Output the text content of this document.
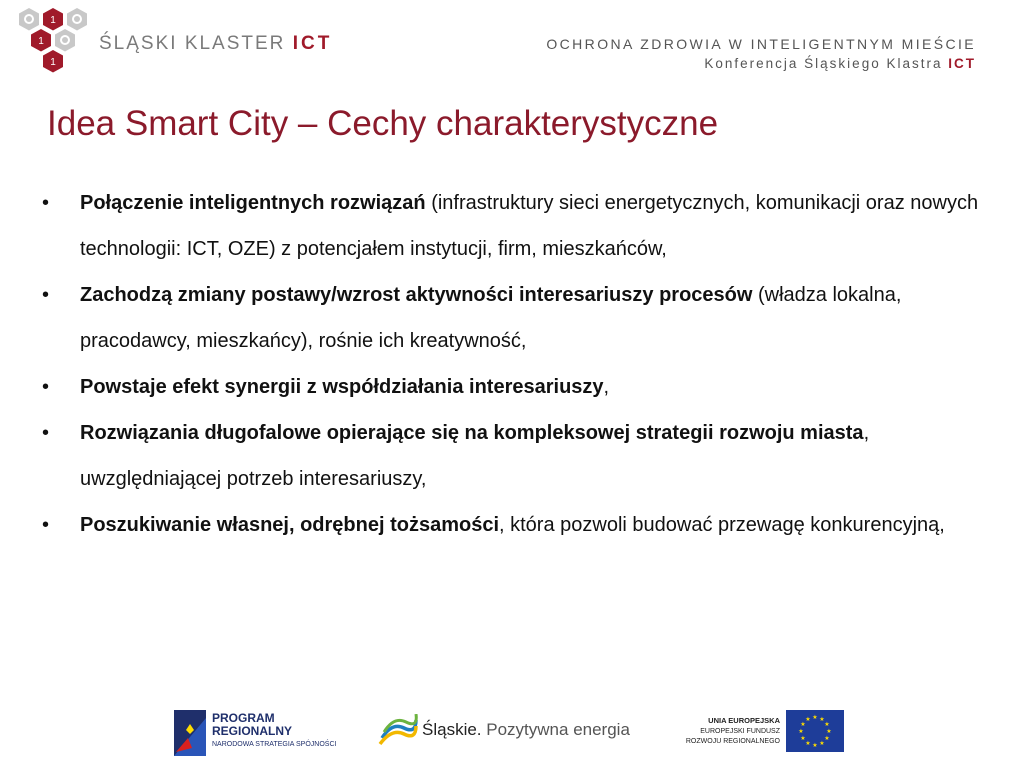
1
1
1
ŚLĄSKI KLASTER ICT	OCHRONA ZDROWIA W INTELIGENTNYM MIEŚCIE
Konferencja Śląskiego Klastra ICT
Idea Smart City – Cechy charakterystyczne
• Połączenie inteligentnych rozwiązań (infrastruktury sieci energetycznych, komunikacji oraz nowych technologii: ICT, OZE) z potencjałem instytucji, firm, mieszkańców,
• Zachodzą zmiany postawy/wzrost aktywności interesariuszy procesów (władza lokalna, pracodawcy, mieszkańcy), rośnie ich kreatywność,
• Powstaje efekt synergii z współdziałania interesariuszy,
• Rozwiązania długofalowe opierające się na kompleksowej strategii rozwoju miasta, uwzględniającej potrzeb interesariuszy,
• Poszukiwanie własnej, odrębnej tożsamości, która pozwoli budować przewagę konkurencyjną,
PROGRAM
REGIONALNY
NARODOWA STRATEGIA SPÓJNOŚCI
Śląskie. Pozytywna energia	UNIA EUROPEJSKA
EUROPEJSKI FUNDUSZ
ROZWOJU REGIONALNEGO
★ ★
★
★
★
★
★
★
★
★
★
★
